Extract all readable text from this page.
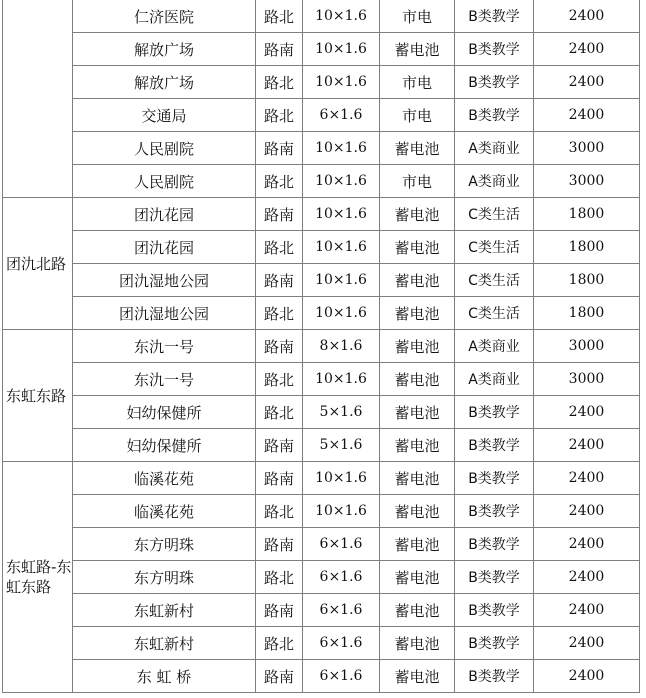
	仁济医院	路北	10×1.6	市电	B类教学	2400
	解放广场	路南	10×1.6	蓄电池	B类教学	2400
	解放广场	路北	10×1.6	市电	B类教学	2400
	交通局	路北	6×1.6	市电	B类教学	2400
	人民剧院	路南	10×1.6	蓄电池	A类商业	3000
	人民剧院	路北	10×1.6	市电	A类商业	3000
团氿北路	团氿花园	路南	10×1.6	蓄电池	C类生活	1800
	团氿花园	路北	10×1.6	蓄电池	C类生活	1800
	团氿湿地公园	路南	10×1.6	蓄电池	C类生活	1800
	团氿湿地公园	路北	10×1.6	蓄电池	C类生活	1800
东虹东路	东氿一号	路南	8×1.6	蓄电池	A类商业	3000
	东氿一号	路北	10×1.6	蓄电池	A类商业	3000
	妇幼保健所	路北	5×1.6	蓄电池	B类教学	2400
	妇幼保健所	路南	5×1.6	蓄电池	B类教学	2400
东虹路-东虹东路	临溪花苑	路南	10×1.6	蓄电池	B类教学	2400
	临溪花苑	路北	10×1.6	蓄电池	B类教学	2400
	东方明珠	路南	6×1.6	蓄电池	B类教学	2400
	东方明珠	路北	6×1.6	蓄电池	B类教学	2400
	东虹新村	路南	6×1.6	蓄电池	B类教学	2400
	东虹新村	路北	6×1.6	蓄电池	B类教学	2400
	东 虹 桥	路南	6×1.6	蓄电池	B类教学	2400
